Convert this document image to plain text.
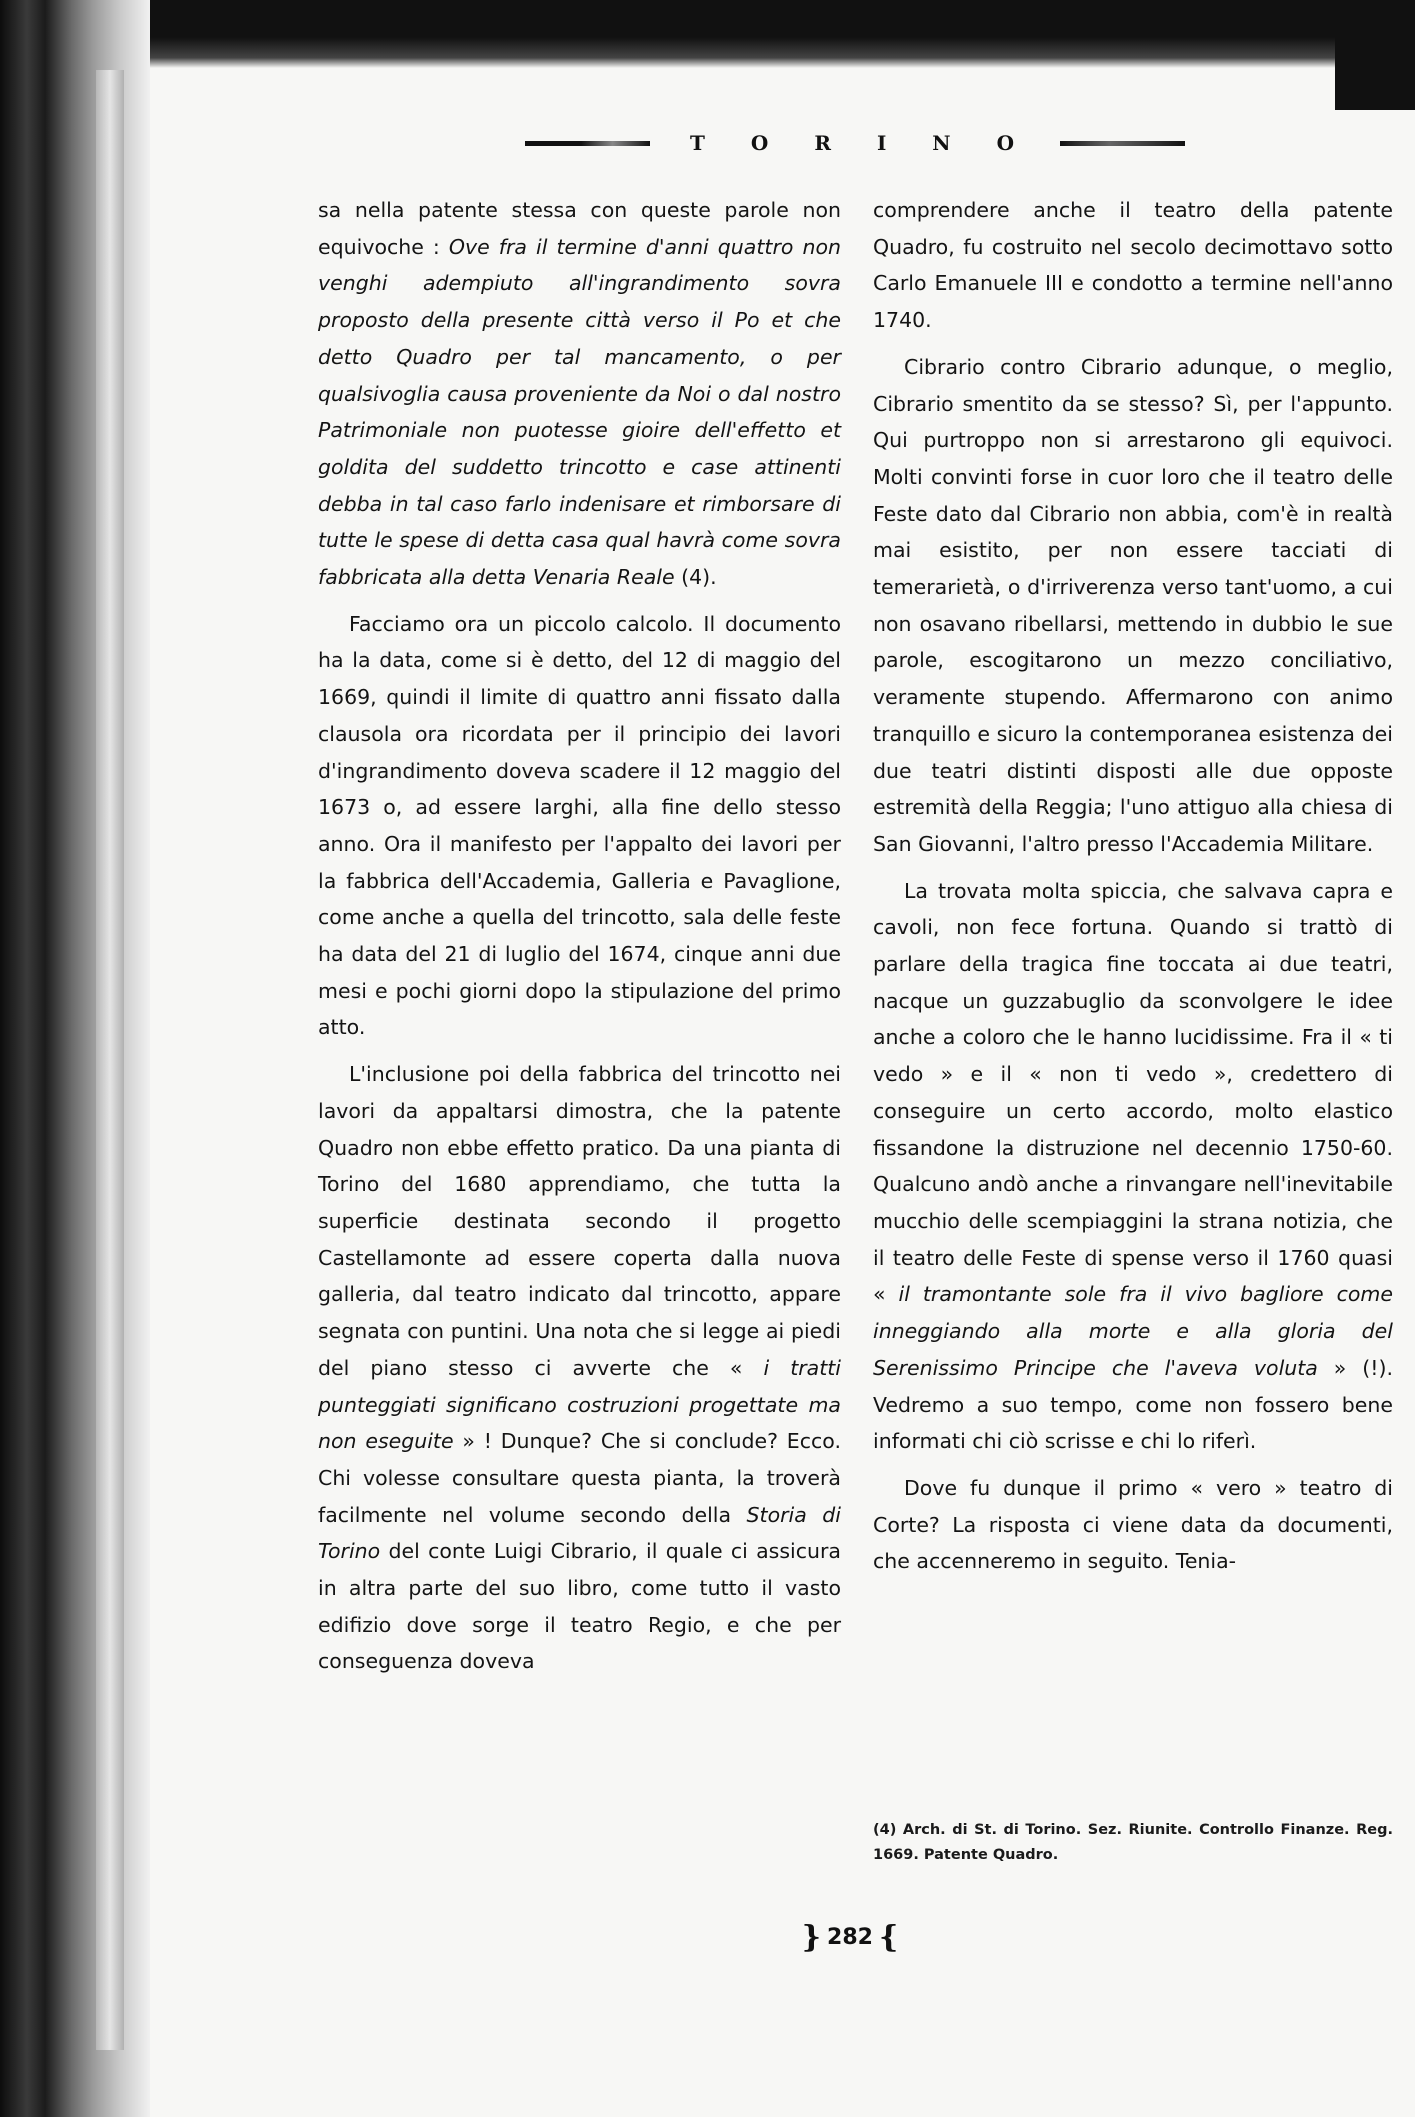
TORINO

sa nella patente stessa con queste parole non equivoche : Ove fra il termine d'anni quattro non venghi adempiuto all'ingrandimento sovra proposto della presente città verso il Po et che detto Quadro per tal mancamento, o per qualsivoglia causa proveniente da Noi o dal nostro Patrimoniale non puotesse gioire dell'effetto et goldita del suddetto trincotto e case attinenti debba in tal caso farlo indenisare et rimborsare di tutte le spese di detta casa qual havrà come sovra fabbricata alla detta Venaria Reale (4).

Facciamo ora un piccolo calcolo. Il documento ha la data, come si è detto, del 12 di maggio del 1669, quindi il limite di quattro anni fissato dalla clausola ora ricordata per il principio dei lavori d'ingrandimento doveva scadere il 12 maggio del 1673 o, ad essere larghi, alla fine dello stesso anno. Ora il manifesto per l'appalto dei lavori per la fabbrica dell'Accademia, Galleria e Pavaglione, come anche a quella del trincotto, sala delle feste ha data del 21 di luglio del 1674, cinque anni due mesi e pochi giorni dopo la stipulazione del primo atto.

L'inclusione poi della fabbrica del trincotto nei lavori da appaltarsi dimostra, che la patente Quadro non ebbe effetto pratico. Da una pianta di Torino del 1680 apprendiamo, che tutta la superficie destinata secondo il progetto Castellamonte ad essere coperta dalla nuova galleria, dal teatro indicato dal trincotto, appare segnata con puntini. Una nota che si legge ai piedi del piano stesso ci avverte che « i tratti punteggiati significano costruzioni progettate ma non eseguite » ! Dunque? Che si conclude? Ecco. Chi volesse consultare questa pianta, la troverà facilmente nel volume secondo della Storia di Torino del conte Luigi Cibrario, il quale ci assicura in altra parte del suo libro, come tutto il vasto edifizio dove sorge il teatro Regio, e che per conseguenza doveva

comprendere anche il teatro della patente Quadro, fu costruito nel secolo decimottavo sotto Carlo Emanuele III e condotto a termine nell'anno 1740.

Cibrario contro Cibrario adunque, o meglio, Cibrario smentito da se stesso? Sì, per l'appunto. Qui purtroppo non si arrestarono gli equivoci. Molti convinti forse in cuor loro che il teatro delle Feste dato dal Cibrario non abbia, com'è in realtà mai esistito, per non essere tacciati di temerarietà, o d'irriverenza verso tant'uomo, a cui non osavano ribellarsi, mettendo in dubbio le sue parole, escogitarono un mezzo conciliativo, veramente stupendo. Affermarono con animo tranquillo e sicuro la contemporanea esistenza dei due teatri distinti disposti alle due opposte estremità della Reggia; l'uno attiguo alla chiesa di San Giovanni, l'altro presso l'Accademia Militare.

La trovata molta spiccia, che salvava capra e cavoli, non fece fortuna. Quando si trattò di parlare della tragica fine toccata ai due teatri, nacque un guzzabuglio da sconvolgere le idee anche a coloro che le hanno lucidissime. Fra il « ti vedo » e il « non ti vedo », credettero di conseguire un certo accordo, molto elastico fissandone la distruzione nel decennio 1750-60. Qualcuno andò anche a rinvangare nell'inevitabile mucchio delle scempiaggini la strana notizia, che il teatro delle Feste di spense verso il 1760 quasi « il tramontante sole fra il vivo bagliore come inneggiando alla morte e alla gloria del Serenissimo Principe che l'aveva voluta » (!). Vedremo a suo tempo, come non fossero bene informati chi ciò scrisse e chi lo riferì.

Dove fu dunque il primo « vero » teatro di Corte? La risposta ci viene data da documenti, che accenneremo in seguito. Tenia-

(4) Arch. di St. di Torino. Sez. Riunite. Controllo Finanze. Reg. 1669. Patente Quadro.
} 282 {
